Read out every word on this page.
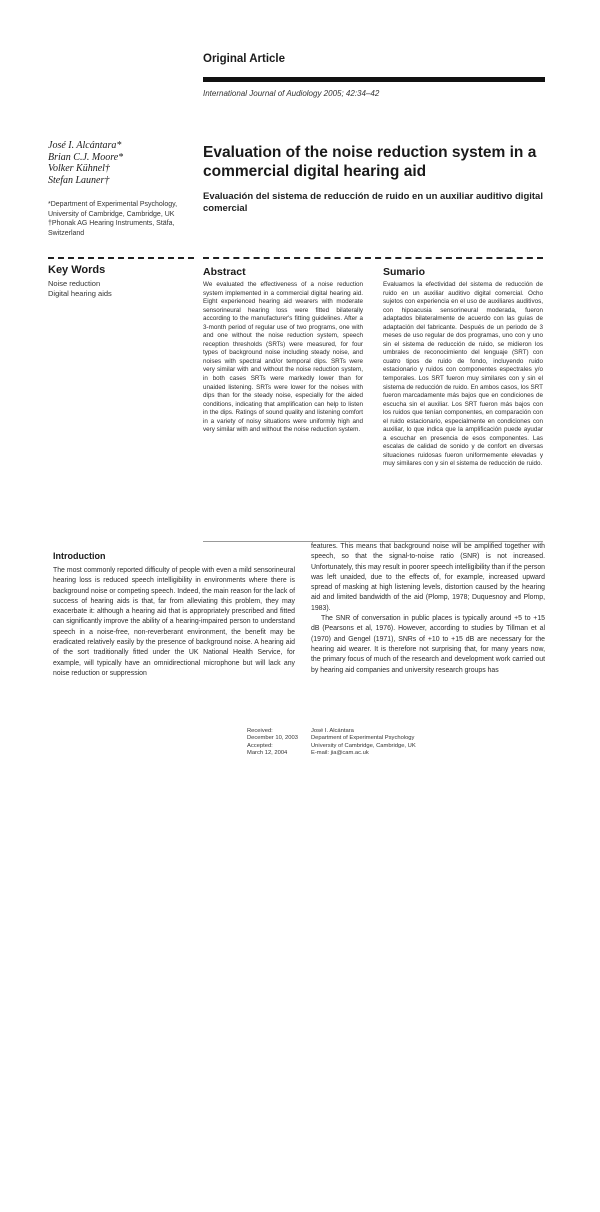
Original Article
International Journal of Audiology 2005; 42:34–42
José I. Alcántara*
Brian C.J. Moore*
Volker Kühnel†
Stefan Launer†
*Department of Experimental Psychology, University of Cambridge, Cambridge, UK
†Phonak AG Hearing Instruments, Stäfa, Switzerland
Evaluation of the noise reduction system in a commercial digital hearing aid
Evaluación del sistema de reducción de ruido en un auxiliar auditivo digital comercial
Key Words
Noise reduction
Digital hearing aids
Abstract
We evaluated the effectiveness of a noise reduction system implemented in a commercial digital hearing aid. Eight experienced hearing aid wearers with moderate sensorineural hearing loss were fitted bilaterally according to the manufacturer's fitting guidelines. After a 3-month period of regular use of two programs, one with and one without the noise reduction system, speech reception thresholds (SRTs) were measured, for four types of background noise including steady noise, and noises with spectral and/or temporal dips. SRTs were very similar with and without the noise reduction system, in both cases SRTs were markedly lower than for unaided listening. SRTs were lower for the noises with dips than for the steady noise, especially for the aided conditions, indicating that amplification can help to listen in the dips. Ratings of sound quality and listening comfort in a variety of noisy situations were uniformly high and very similar with and without the noise reduction system.
Sumario
Evaluamos la efectividad del sistema de reducción de ruido en un auxiliar auditivo digital comercial. Ocho sujetos con experiencia en el uso de auxiliares auditivos, con hipoacusia sensorineural moderada, fueron adaptados bilateralmente de acuerdo con las guías de adaptación del fabricante. Después de un periodo de 3 meses de uso regular de dos programas, uno con y uno sin el sistema de reducción de ruido, se midieron los umbrales de reconocimiento del lenguaje (SRT) con cuatro tipos de ruido de fondo, incluyendo ruido estacionario y ruidos con componentes espectrales y/o temporales. Los SRT fueron muy similares con y sin el sistema de reducción de ruido. En ambos casos, los SRT fueron marcadamente más bajos que en condiciones de escucha sin el auxiliar. Los SRT fueron más bajos con los ruidos que tenían componentes, en comparación con el ruido estacionario, especialmente en condiciones con auxiliar, lo que indica que la amplificación puede ayudar a escuchar en presencia de esos componentes. Las escalas de calidad de sonido y de confort en diversas situaciones ruidosas fueron uniformemente elevadas y muy similares con y sin el sistema de reducción de ruido.
Introduction

The most commonly reported difficulty of people with even a mild sensorineural hearing loss is reduced speech intelligibility in environments where there is background noise or competing speech. Indeed, the main reason for the lack of success of hearing aids is that, far from alleviating this problem, they may exacerbate it: although a hearing aid that is appropriately prescribed and fitted can significantly improve the ability of a hearing-impaired person to understand speech in a noise-free, non-reverberant environment, the benefit may be eradicated relatively easily by the presence of background noise. A hearing aid of the sort traditionally fitted under the UK National Health Service, for example, will typically have an omnidirectional microphone but will lack any noise reduction or suppression

features. This means that background noise will be amplified together with speech, so that the signal-to-noise ratio (SNR) is not increased. Unfortunately, this may result in poorer speech intelligibility than if the person was left unaided, due to the effects of, for example, increased upward spread of masking at high listening levels, distortion caused by the hearing aid and limited bandwidth of the aid (Plomp, 1978; Duquesnoy and Plomp, 1983).

The SNR of conversation in public places is typically around +5 to +15 dB (Pearsons et al, 1976). However, according to studies by Tillman et al (1970) and Gengel (1971), SNRs of +10 to +15 dB are necessary for the hearing aid wearer. It is therefore not surprising that, for many years now, the primary focus of much of the research and development work carried out by hearing aid companies and university research groups has

Received:
December 10, 2003
Accepted:
March 12, 2004
José I. Alcántara
Department of Experimental Psychology
University of Cambridge, Cambridge, UK
E-mail: jia@cam.ac.uk
